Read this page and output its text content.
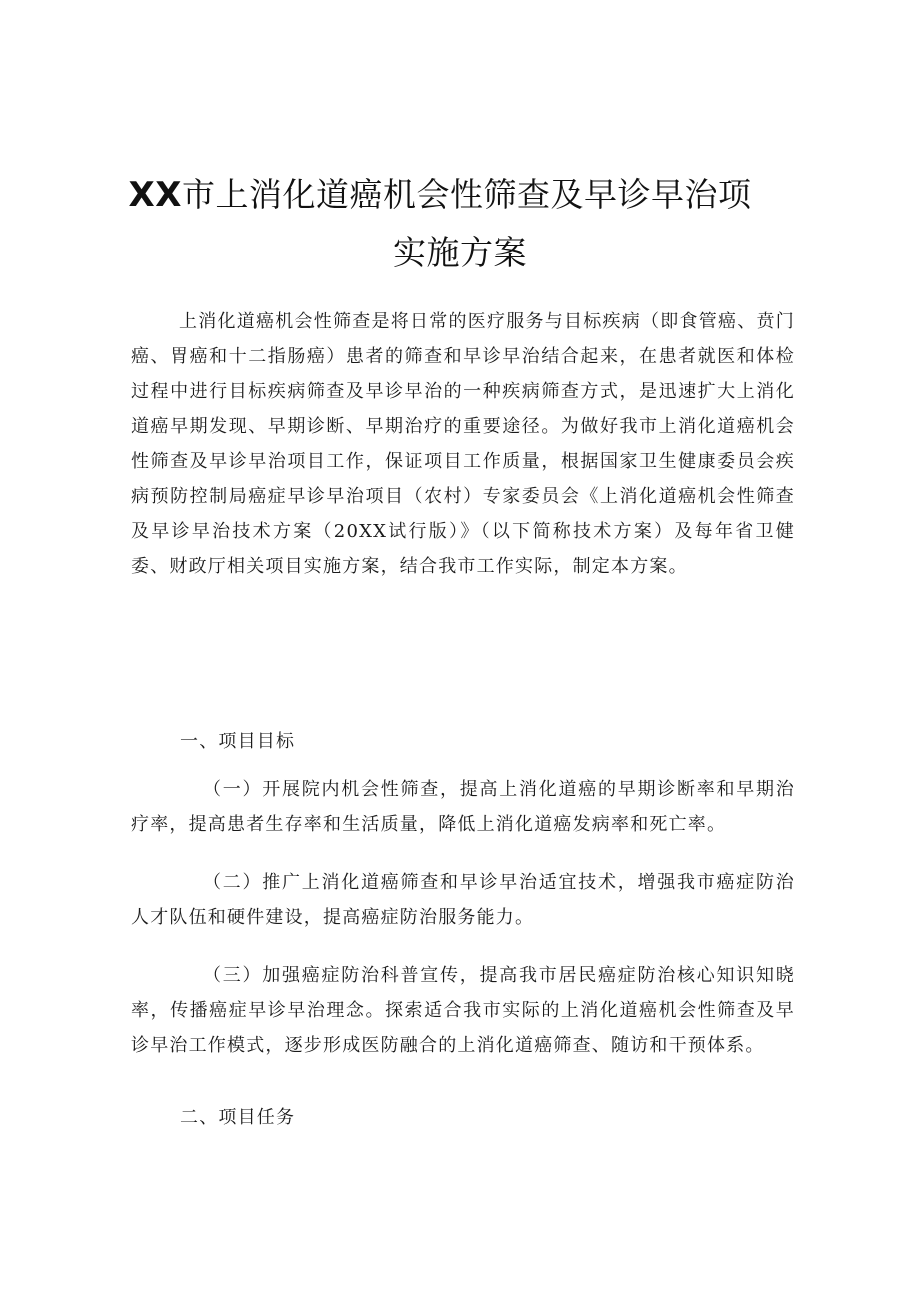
XX市上消化道癌机会性筛查及早诊早治项
实施方案

上消化道癌机会性筛查是将日常的医疗服务与目标疾病（即食管癌、贲门癌、胃癌和十二指肠癌）患者的筛查和早诊早治结合起来，在患者就医和体检过程中进行目标疾病筛查及早诊早治的一种疾病筛查方式，是迅速扩大上消化道癌早期发现、早期诊断、早期治疗的重要途径。为做好我市上消化道癌机会性筛查及早诊早治项目工作，保证项目工作质量，根据国家卫生健康委员会疾病预防控制局癌症早诊早治项目（农村）专家委员会《上消化道癌机会性筛查及早诊早治技术方案（20XX试行版）》（以下简称技术方案）及每年省卫健委、财政厅相关项目实施方案，结合我市工作实际，制定本方案。

一、项目目标

（一）开展院内机会性筛查，提高上消化道癌的早期诊断率和早期治疗率，提高患者生存率和生活质量，降低上消化道癌发病率和死亡率。

（二）推广上消化道癌筛查和早诊早治适宜技术，增强我市癌症防治人才队伍和硬件建设，提高癌症防治服务能力。

（三）加强癌症防治科普宣传，提高我市居民癌症防治核心知识知晓率，传播癌症早诊早治理念。探索适合我市实际的上消化道癌机会性筛查及早诊早治工作模式，逐步形成医防融合的上消化道癌筛查、随访和干预体系。

二、项目任务
